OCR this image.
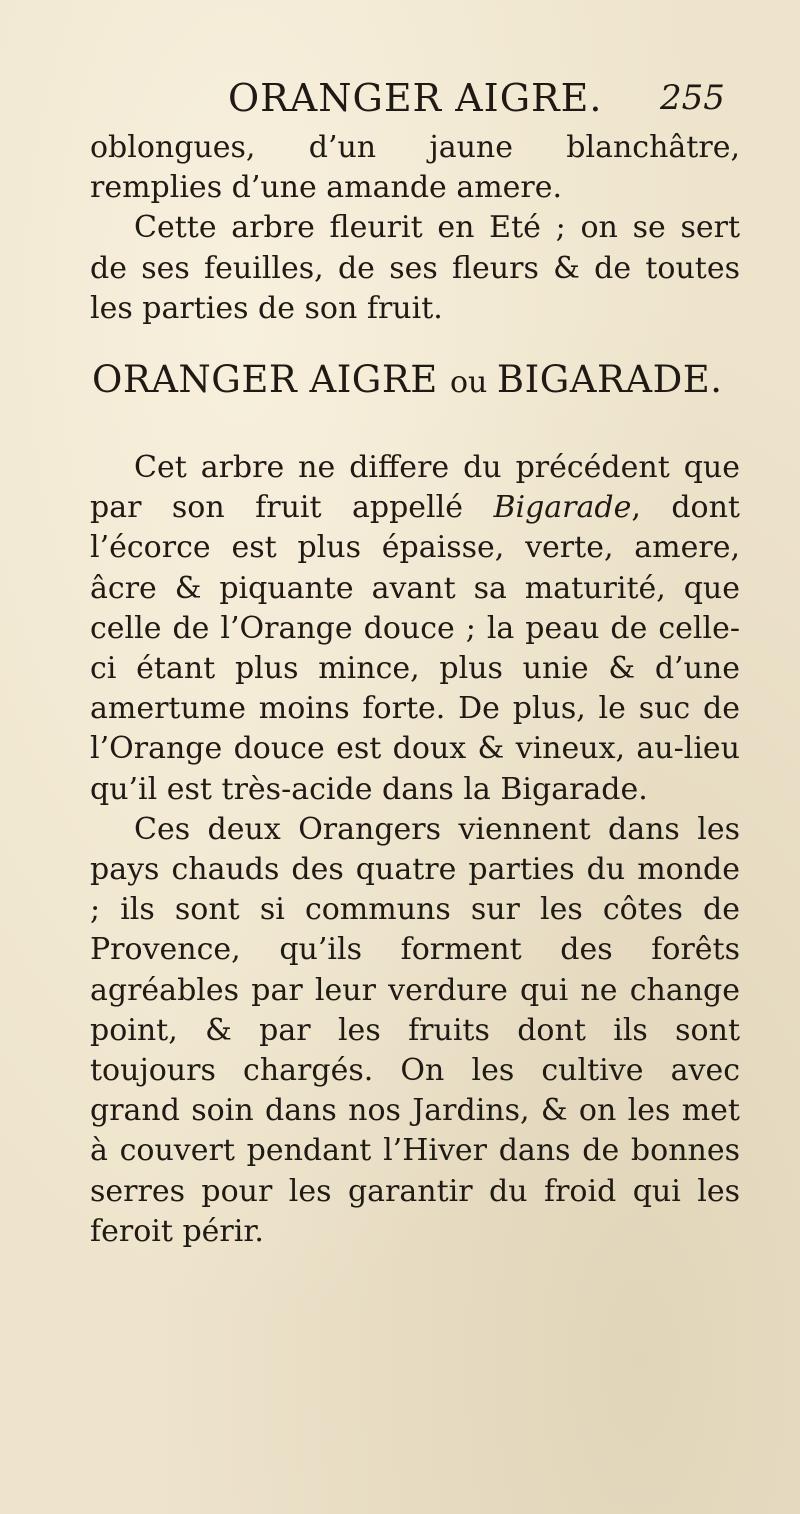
ORANGER AIGRE. 255

oblongues, d’un jaune blanchâtre, remplies d’une amande amere.

Cette arbre fleurit en Eté ; on se sert de ses feuilles, de ses fleurs & de toutes les parties de son fruit.

ORANGER AIGRE ou BIGARADE.

Cet arbre ne differe du précédent que par son fruit appellé Bigarade, dont l’écorce est plus épaisse, verte, amere, âcre & piquante avant sa maturité, que celle de l’Orange douce ; la peau de celle-ci étant plus mince, plus unie & d’une amertume moins forte. De plus, le suc de l’Orange douce est doux & vineux, au-lieu qu’il est très-acide dans la Bigarade.

Ces deux Orangers viennent dans les pays chauds des quatre parties du monde ; ils sont si communs sur les côtes de Provence, qu’ils forment des forêts agréables par leur verdure qui ne change point, & par les fruits dont ils sont toujours chargés. On les cultive avec grand soin dans nos Jardins, & on les met à couvert pendant l’Hiver dans de bonnes serres pour les garantir du froid qui les feroit périr.
